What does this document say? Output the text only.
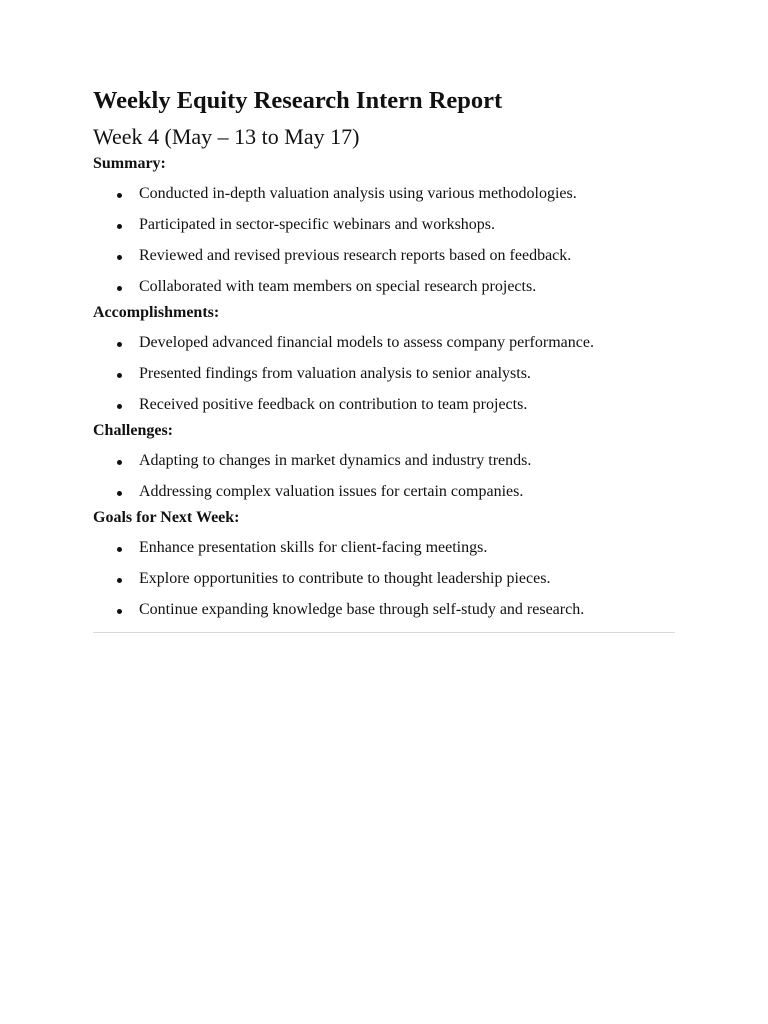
Weekly Equity Research Intern Report
Week 4 (May – 13 to May 17)
Summary:
Conducted in-depth valuation analysis using various methodologies.
Participated in sector-specific webinars and workshops.
Reviewed and revised previous research reports based on feedback.
Collaborated with team members on special research projects.
Accomplishments:
Developed advanced financial models to assess company performance.
Presented findings from valuation analysis to senior analysts.
Received positive feedback on contribution to team projects.
Challenges:
Adapting to changes in market dynamics and industry trends.
Addressing complex valuation issues for certain companies.
Goals for Next Week:
Enhance presentation skills for client-facing meetings.
Explore opportunities to contribute to thought leadership pieces.
Continue expanding knowledge base through self-study and research.
